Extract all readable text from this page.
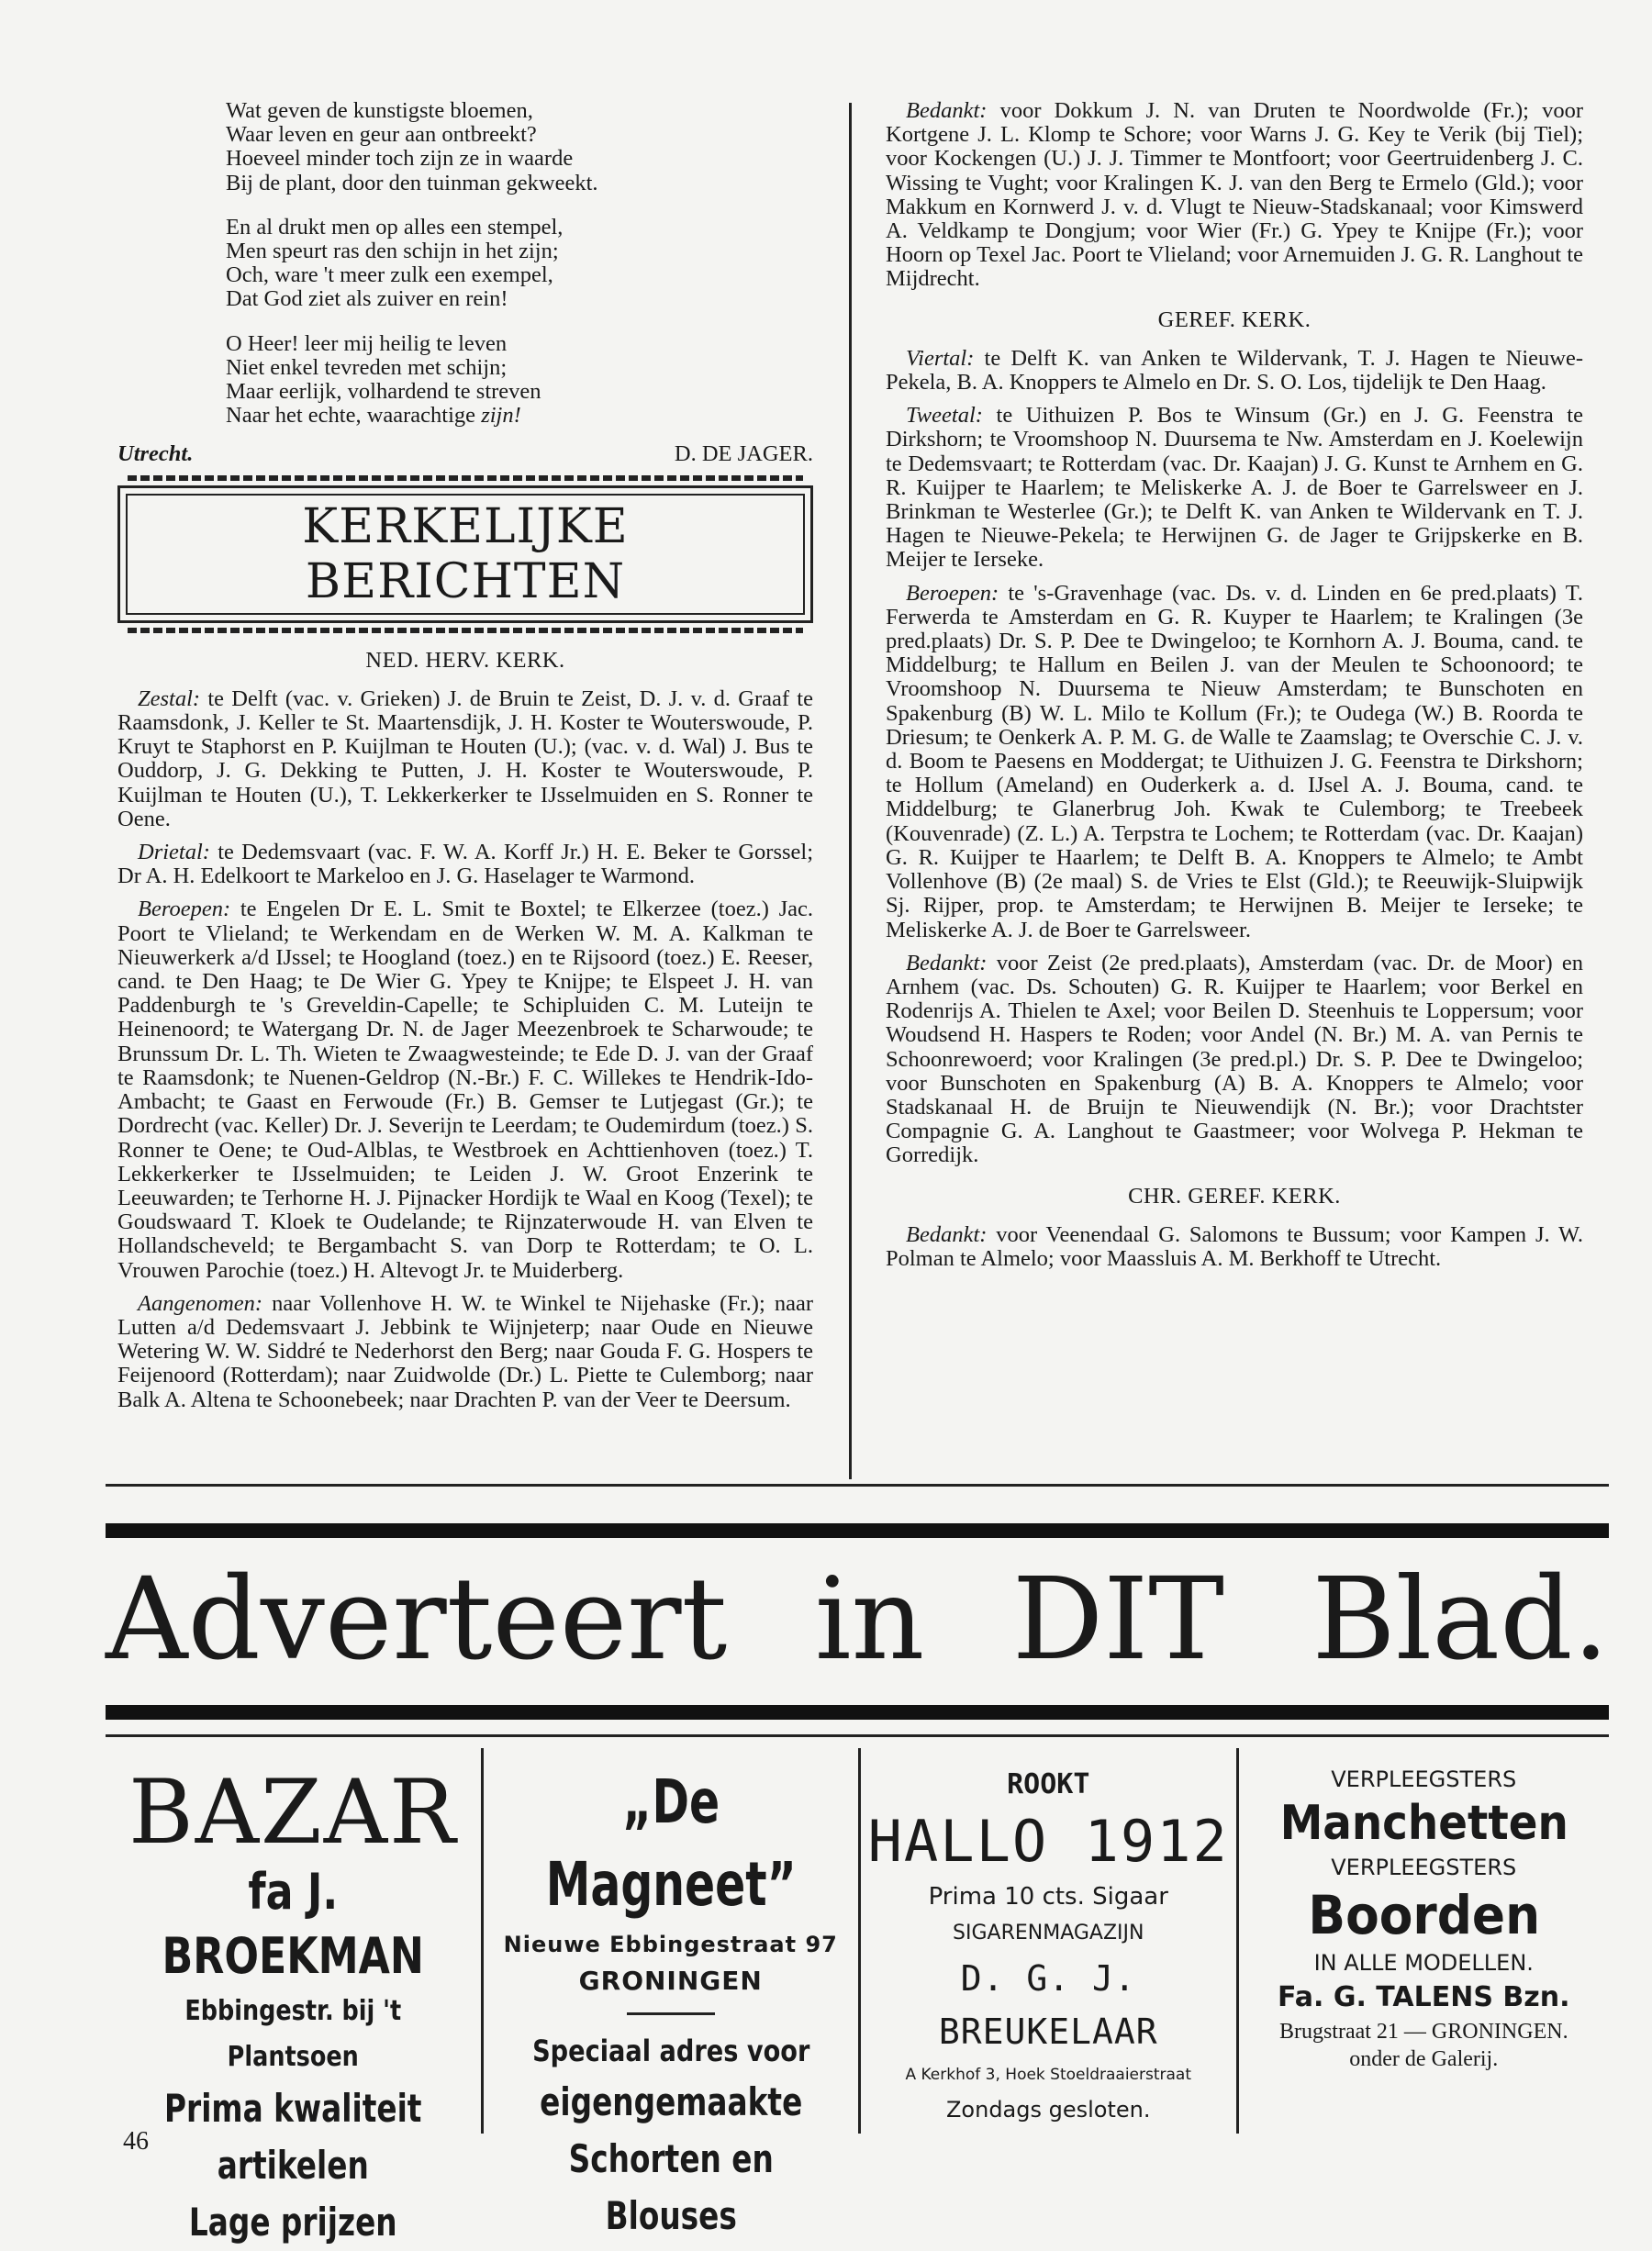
Wat geven de kunstigste bloemen,
Waar leven en geur aan ontbreekt?
Hoeveel minder toch zijn ze in waarde
Bij de plant, door den tuinman gekweekt.
En al drukt men op alles een stempel,
Men speurt ras den schijn in het zijn;
Och, ware 't meer zulk een exempel,
Dat God ziet als zuiver en rein!
O Heer! leer mij heilig te leven
Niet enkel tevreden met schijn;
Maar eerlijk, volhardend te streven
Naar het echte, waarachtige zijn!
Utrecht.	D. DE JAGER.
KERKELIJKE BERICHTEN

NED. HERV. KERK.

Zestal: te Delft (vac. v. Grieken) J. de Bruin te Zeist, D. J. v. d. Graaf te Raamsdonk, J. Keller te St. Maartensdijk, J. H. Koster te Wouterswoude, P. Kruyt te Staphorst en P. Kuijlman te Houten (U.); (vac. v. d. Wal) J. Bus te Ouddorp, J. G. Dekking te Putten, J. H. Koster te Wouterswoude, P. Kuijlman te Houten (U.), T. Lekkerkerker te IJsselmuiden en S. Ronner te Oene.

Drietal: te Dedemsvaart (vac. F. W. A. Korff Jr.) H. E. Beker te Gorssel; Dr A. H. Edelkoort te Markeloo en J. G. Haselager te Warmond.

Beroepen: te Engelen Dr E. L. Smit te Boxtel; te Elkerzee (toez.) Jac. Poort te Vlieland; te Werkendam en de Werken W. M. A. Kalkman te Nieuwerkerk a/d IJssel; te Hoogland (toez.) en te Rijsoord (toez.) E. Reeser, cand. te Den Haag; te De Wier G. Ypey te Knijpe; te Elspeet J. H. van Paddenburgh te 's Greveldin-Capelle; te Schipluiden C. M. Luteijn te Heinenoord; te Watergang Dr. N. de Jager Meezenbroek te Scharwoude; te Brunssum Dr. L. Th. Wieten te Zwaagwesteinde; te Ede D. J. van der Graaf te Raamsdonk; te Nuenen-Geldrop (N.-Br.) F. C. Willekes te Hendrik-Ido-Ambacht; te Gaast en Ferwoude (Fr.) B. Gemser te Lutjegast (Gr.); te Dordrecht (vac. Keller) Dr. J. Severijn te Leerdam; te Oudemirdum (toez.) S. Ronner te Oene; te Oud-Alblas, te Westbroek en Achttienhoven (toez.) T. Lekkerkerker te IJsselmuiden; te Leiden J. W. Groot Enzerink te Leeuwarden; te Terhorne H. J. Pijnacker Hordijk te Waal en Koog (Texel); te Goudswaard T. Kloek te Oudelande; te Rijnzaterwoude H. van Elven te Hollandscheveld; te Bergambacht S. van Dorp te Rotterdam; te O. L. Vrouwen Parochie (toez.) H. Altevogt Jr. te Muiderberg.

Aangenomen: naar Vollenhove H. W. te Winkel te Nijehaske (Fr.); naar Lutten a/d Dedemsvaart J. Jebbink te Wijnjeterp; naar Oude en Nieuwe Wetering W. W. Siddré te Nederhorst den Berg; naar Gouda F. G. Hospers te Feijenoord (Rotterdam); naar Zuidwolde (Dr.) L. Piette te Culemborg; naar Balk A. Altena te Schoonebeek; naar Drachten P. van der Veer te Deersum.

Bedankt: voor Dokkum J. N. van Druten te Noordwolde (Fr.); voor Kortgene J. L. Klomp te Schore; voor Warns J. G. Key te Verik (bij Tiel); voor Kockengen (U.) J. J. Timmer te Montfoort; voor Geertruidenberg J. C. Wissing te Vught; voor Kralingen K. J. van den Berg te Ermelo (Gld.); voor Makkum en Kornwerd J. v. d. Vlugt te Nieuw-Stadskanaal; voor Kimswerd A. Veldkamp te Dongjum; voor Wier (Fr.) G. Ypey te Knijpe (Fr.); voor Hoorn op Texel Jac. Poort te Vlieland; voor Arnemuiden J. G. R. Langhout te Mijdrecht.

GEREF. KERK.

Viertal: te Delft K. van Anken te Wildervank, T. J. Hagen te Nieuwe-Pekela, B. A. Knoppers te Almelo en Dr. S. O. Los, tijdelijk te Den Haag.

Tweetal: te Uithuizen P. Bos te Winsum (Gr.) en J. G. Feenstra te Dirkshorn; te Vroomshoop N. Duursema te Nw. Amsterdam en J. Koelewijn te Dedemsvaart; te Rotterdam (vac. Dr. Kaajan) J. G. Kunst te Arnhem en G. R. Kuijper te Haarlem; te Meliskerke A. J. de Boer te Garrelsweer en J. Brinkman te Westerlee (Gr.); te Delft K. van Anken te Wildervank en T. J. Hagen te Nieuwe-Pekela; te Herwijnen G. de Jager te Grijpskerke en B. Meijer te Ierseke.

Beroepen: te 's-Gravenhage (vac. Ds. v. d. Linden en 6e pred.plaats) T. Ferwerda te Amsterdam en G. R. Kuyper te Haarlem; te Kralingen (3e pred.plaats) Dr. S. P. Dee te Dwingeloo; te Kornhorn A. J. Bouma, cand. te Middelburg; te Hallum en Beilen J. van der Meulen te Schoonoord; te Vroomshoop N. Duursema te Nieuw Amsterdam; te Bunschoten en Spakenburg (B) W. L. Milo te Kollum (Fr.); te Oudega (W.) B. Roorda te Driesum; te Oenkerk A. P. M. G. de Walle te Zaamslag; te Overschie C. J. v. d. Boom te Paesens en Moddergat; te Uithuizen J. G. Feenstra te Dirkshorn; te Hollum (Ameland) en Ouderkerk a. d. IJsel A. J. Bouma, cand. te Middelburg; te Glanerbrug Joh. Kwak te Culemborg; te Treebeek (Kouvenrade) (Z. L.) A. Terpstra te Lochem; te Rotterdam (vac. Dr. Kaajan) G. R. Kuijper te Haarlem; te Delft B. A. Knoppers te Almelo; te Ambt Vollenhove (B) (2e maal) S. de Vries te Elst (Gld.); te Reeuwijk-Sluipwijk Sj. Rijper, prop. te Amsterdam; te Herwijnen B. Meijer te Ierseke; te Meliskerke A. J. de Boer te Garrelsweer.

Bedankt: voor Zeist (2e pred.plaats), Amsterdam (vac. Dr. de Moor) en Arnhem (vac. Ds. Schouten) G. R. Kuijper te Haarlem; voor Berkel en Rodenrijs A. Thielen te Axel; voor Beilen D. Steenhuis te Loppersum; voor Woudsend H. Haspers te Roden; voor Andel (N. Br.) M. A. van Pernis te Schoonrewoerd; voor Kralingen (3e pred.pl.) Dr. S. P. Dee te Dwingeloo; voor Bunschoten en Spakenburg (A) B. A. Knoppers te Almelo; voor Stadskanaal H. de Bruijn te Nieuwendijk (N. Br.); voor Drachtster Compagnie G. A. Langhout te Gaastmeer; voor Wolvega P. Hekman te Gorredijk.

CHR. GEREF. KERK.

Bedankt: voor Veenendaal G. Salomons te Bussum; voor Kampen J. W. Polman te Almelo; voor Maassluis A. M. Berkhoff te Utrecht.

Adverteert in DIT Blad.
BAZAR
fa J. BROEKMAN
Ebbingestr. bij 't Plantsoen
Prima kwaliteit artikelen
Lage prijzen
„De Magneet”
Nieuwe Ebbingestraat 97
GRONINGEN
Speciaal adres voor
eigengemaakte
Schorten en Blouses
ROOKT
HALLO 1912
Prima 10 cts. Sigaar
SIGARENMAGAZIJN
D. G. J. BREUKELAAR
A Kerkhof 3, Hoek Stoeldraaierstraat
Zondags gesloten.
VERPLEEGSTERS
Manchetten
VERPLEEGSTERS
Boorden
IN ALLE MODELLEN.
Fa. G. TALENS Bzn.
Brugstraat 21 — GRONINGEN.
onder de Galerij.
46
